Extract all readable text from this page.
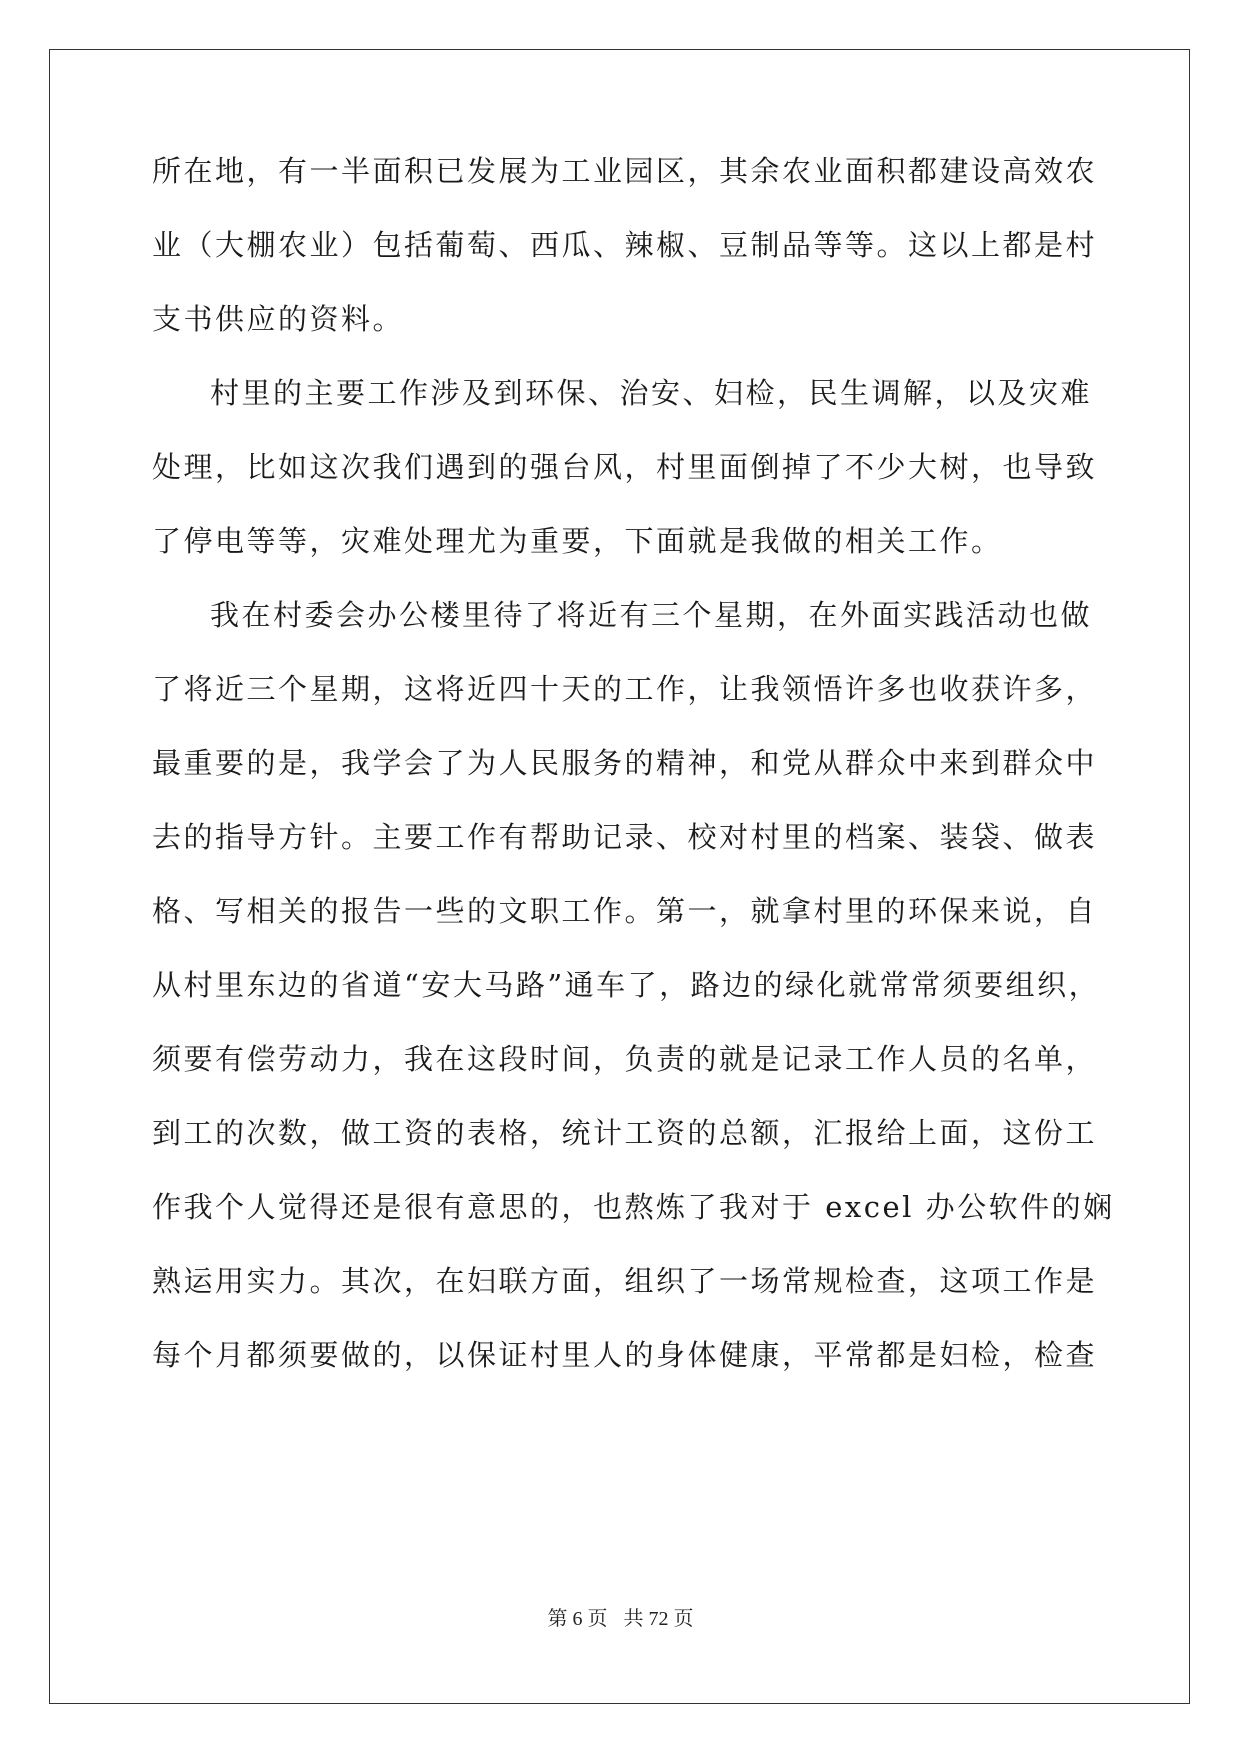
所在地，有一半面积已发展为工业园区，其余农业面积都建设高效农
业（大棚农业）包括葡萄、西瓜、辣椒、豆制品等等。这以上都是村
支书供应的资料。
村里的主要工作涉及到环保、治安、妇检，民生调解，以及灾难
处理，比如这次我们遇到的强台风，村里面倒掉了不少大树，也导致
了停电等等，灾难处理尤为重要，下面就是我做的相关工作。
我在村委会办公楼里待了将近有三个星期，在外面实践活动也做
了将近三个星期，这将近四十天的工作，让我领悟许多也收获许多，
最重要的是，我学会了为人民服务的精神，和党从群众中来到群众中
去的指导方针。主要工作有帮助记录、校对村里的档案、装袋、做表
格、写相关的报告一些的文职工作。第一，就拿村里的环保来说，自
从村里东边的省道“安大马路”通车了，路边的绿化就常常须要组织，
须要有偿劳动力，我在这段时间，负责的就是记录工作人员的名单，
到工的次数，做工资的表格，统计工资的总额，汇报给上面，这份工
作我个人觉得还是很有意思的，也熬炼了我对于 excel 办公软件的娴
熟运用实力。其次，在妇联方面，组织了一场常规检查，这项工作是
每个月都须要做的，以保证村里人的身体健康，平常都是妇检，检查
第 6 页 共 72 页
